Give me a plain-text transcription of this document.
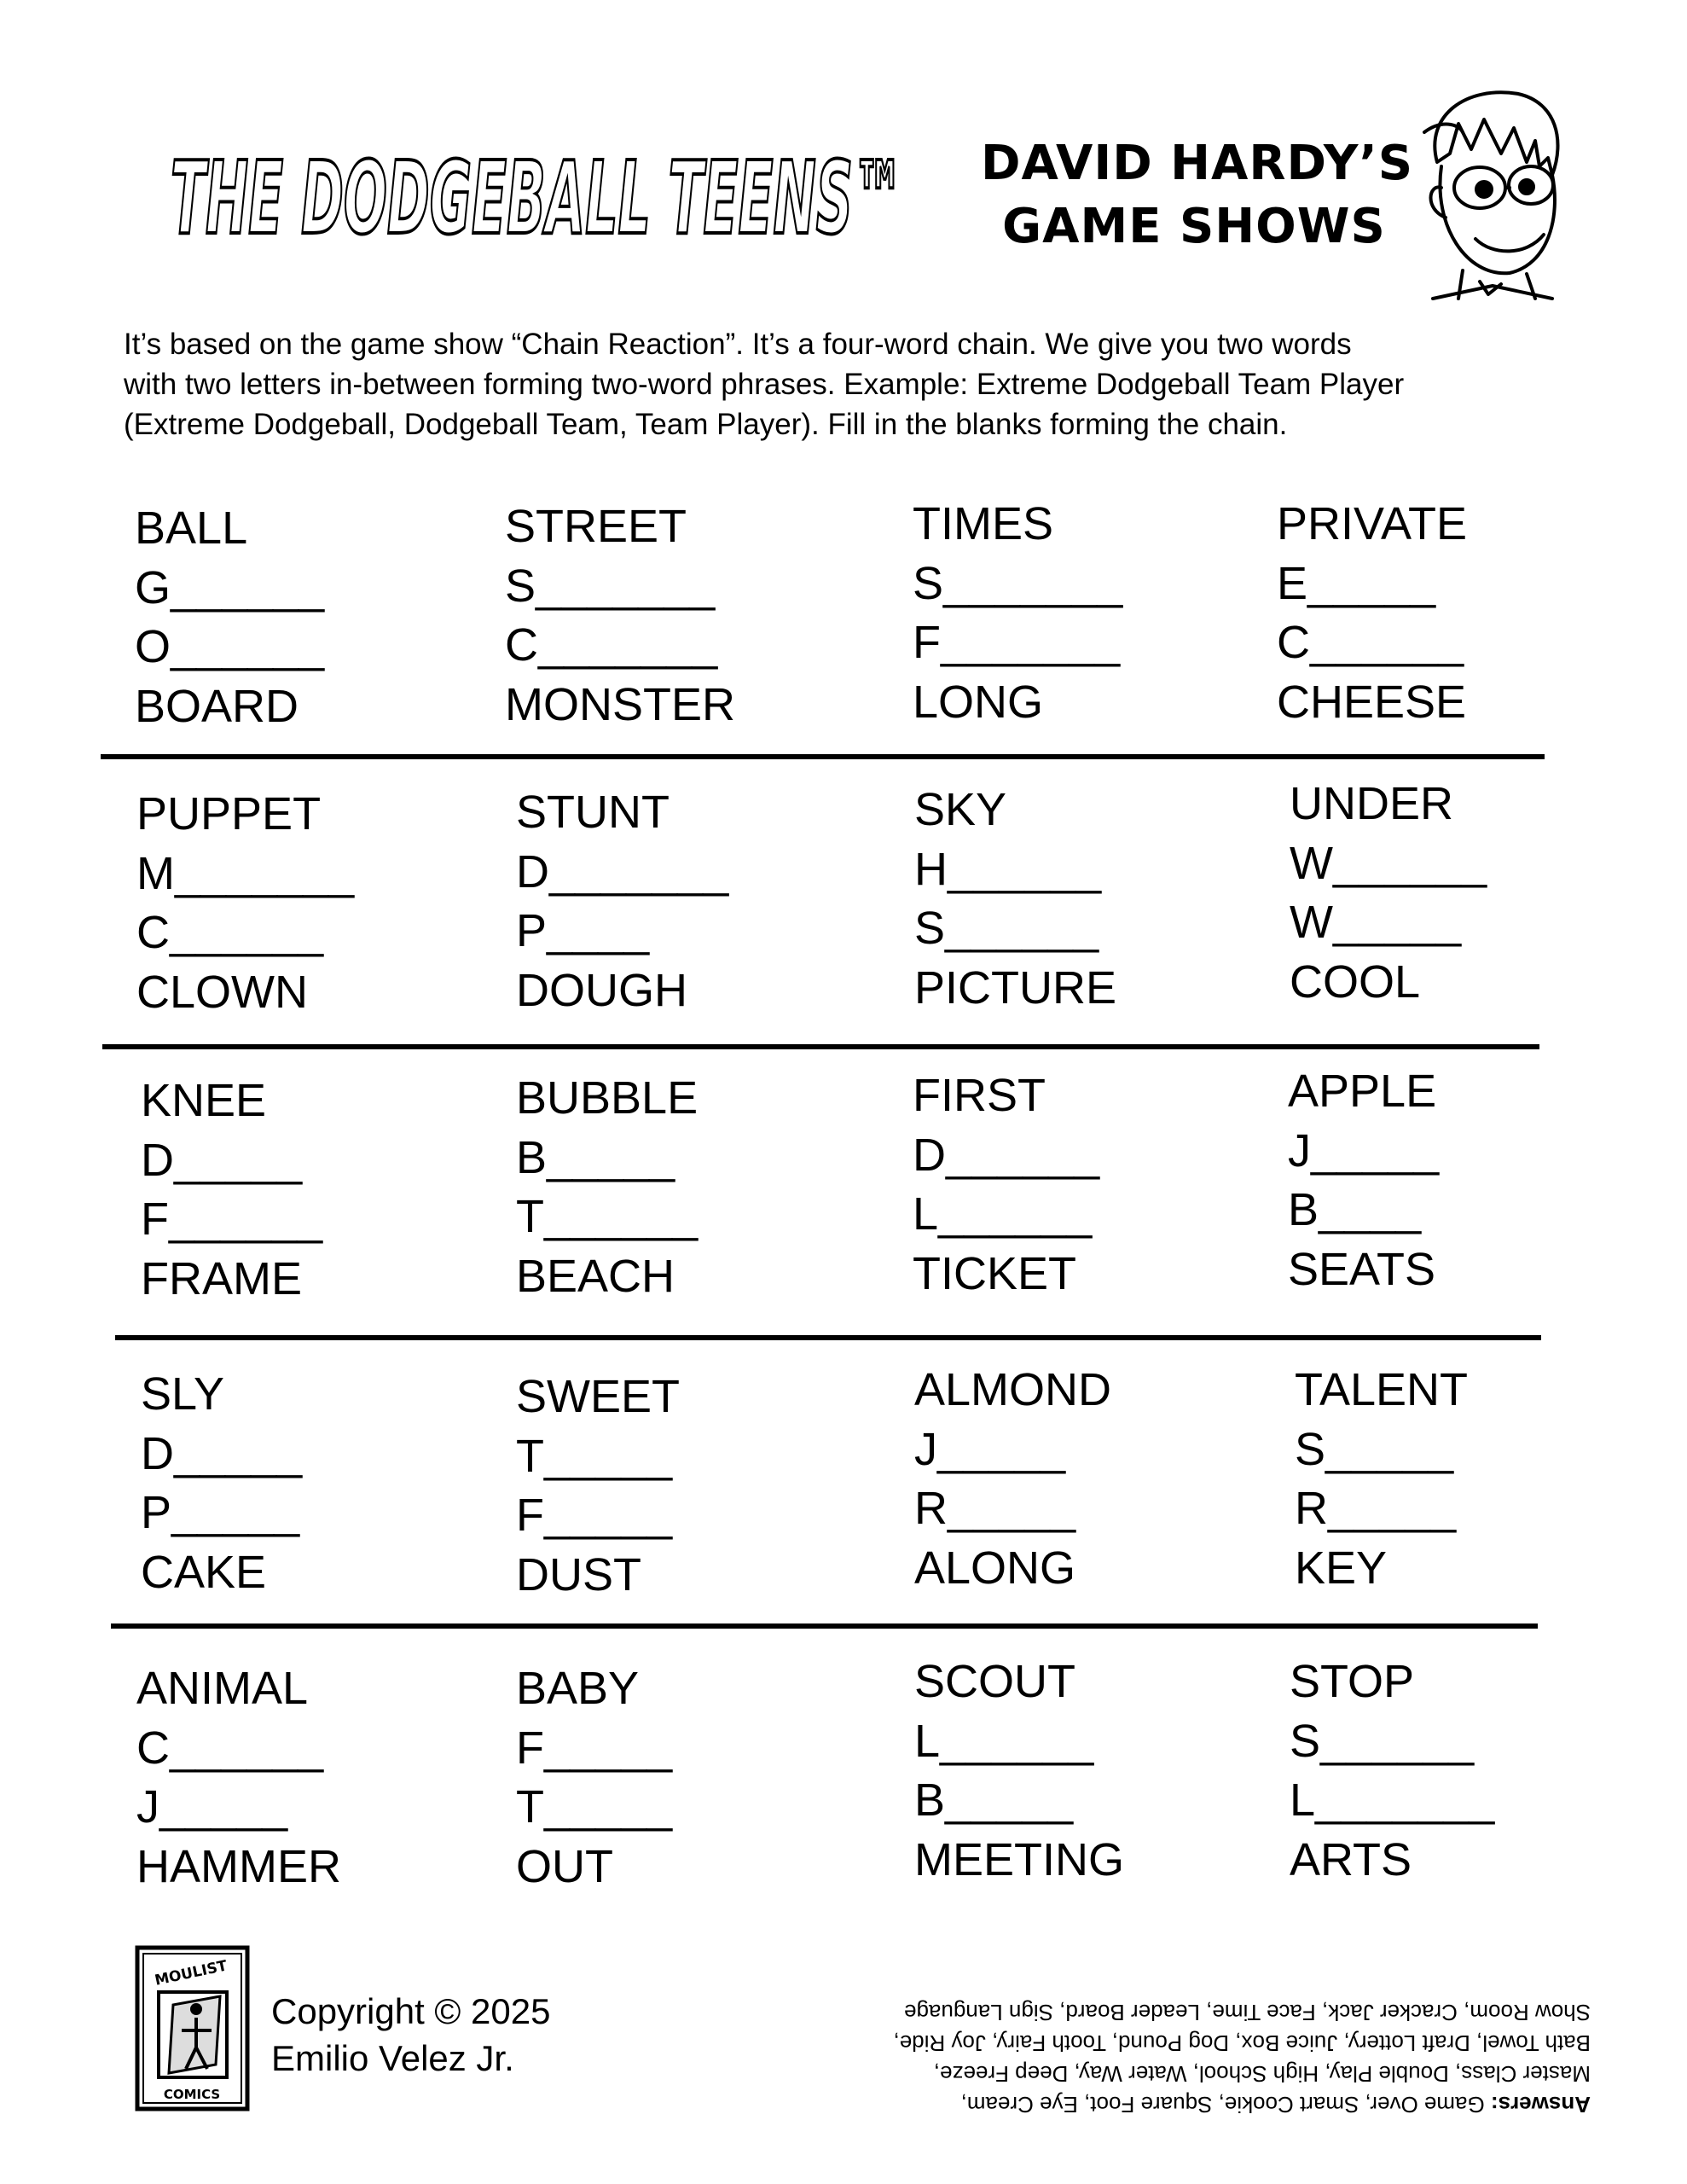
THE DODGEBALL TEENS™ DAVID HARDY’S
GAME SHOWS
It’s based on the game show “Chain Reaction”. It’s a four-word chain. We give you two words
with two letters in-between forming two-word phrases. Example: Extreme Dodgeball Team Player
(Extreme Dodgeball, Dodgeball Team, Team Player). Fill in the blanks forming the chain.
BALL
G______
O______
BOARD
STREET
S_______
C_______
MONSTER
TIMES
S_______
F_______
LONG
PRIVATE
E_____
C______
CHEESE
PUPPET
M_______
C______
CLOWN
STUNT
D_______
P____
DOUGH
SKY
H______
S______
PICTURE
UNDER
W______
W_____
COOL
KNEE
D_____
F______
FRAME
BUBBLE
B_____
T______
BEACH
FIRST
D______
L______
TICKET
APPLE
J_____
B____
SEATS
SLY
D_____
P_____
CAKE
SWEET
T_____
F_____
DUST
ALMOND
J_____
R_____
ALONG
TALENT
S_____
R_____
KEY
ANIMAL
C______
J_____
HAMMER
BABY
F_____
T_____
OUT
SCOUT
L______
B_____
MEETING
STOP
S______
L_______
ARTS
MOULIST
COMICS
Copyright © 2025
Emilio Velez Jr.
Answers: Game Over, Smart Cookie, Square Foot, Eye Cream,
Master Class, Double Play, High School, Water Way, Deep Freeze,
Bath Towel, Draft Lottery, Juice Box, Dog Pound, Tooth Fairy, Joy Ride,
Show Room, Cracker Jack, Face Time, Leader Board, Sign Language
